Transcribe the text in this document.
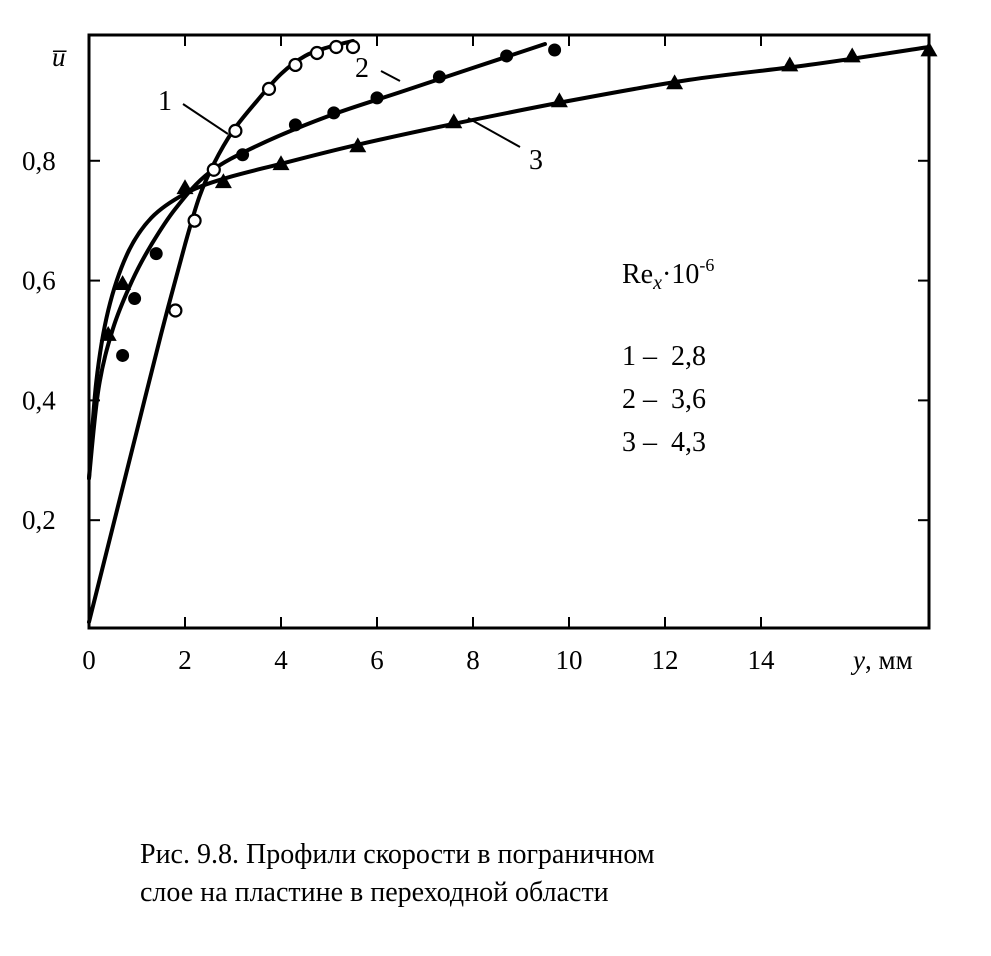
0	2	4	6	8	10	12	14
0,2
0,4
0,6
0,8
u̅
y, мм
1
2
3
$Re_x\cdot 10^{-6}$
1 –  2,8
2 –  3,6
3 –  4,3
Рис. 9.8. Профили скорости в пограничном
слое на пластине в переходной области
